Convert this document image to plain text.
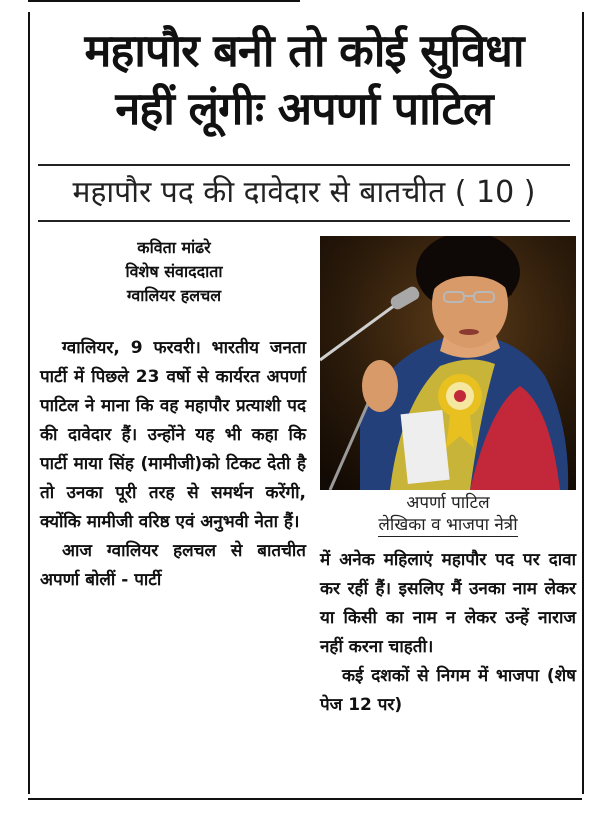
महापौर बनी तो कोई सुविधा
नहीं लूंगीः अपर्णा पाटिल
महापौर पद की दावेदार से बातचीत ( 10 )
कविता मांढरे
विशेष संवाददाता
ग्वालियर हलचल

ग्वालियर, 9 फरवरी। भारतीय जनता पार्टी में पिछले 23 वर्षो से कार्यरत अपर्णा पाटिल ने माना कि वह महापौर प्रत्याशी पद की दावेदार हैं। उन्होंने यह भी कहा कि पार्टी माया सिंह (मामीजी)को टिकट देती है तो उनका पूरी तरह से समर्थन करेंगी, क्योंकि मामीजी वरिष्ठ एवं अनुभवी नेता हैं।

आज ग्वालियर हलचल से बातचीत अपर्णा बोलीं - पार्टी

अपर्णा पाटिल
लेखिका व भाजपा नेत्री

में अनेक महिलाएं महापौर पद पर दावा कर रहीं हैं। इसलिए मैं उनका नाम लेकर या किसी का नाम न लेकर उन्हें नाराज नहीं करना चाहती।

कई दशकों से निगम में भाजपा (शेष पेज 12 पर)
